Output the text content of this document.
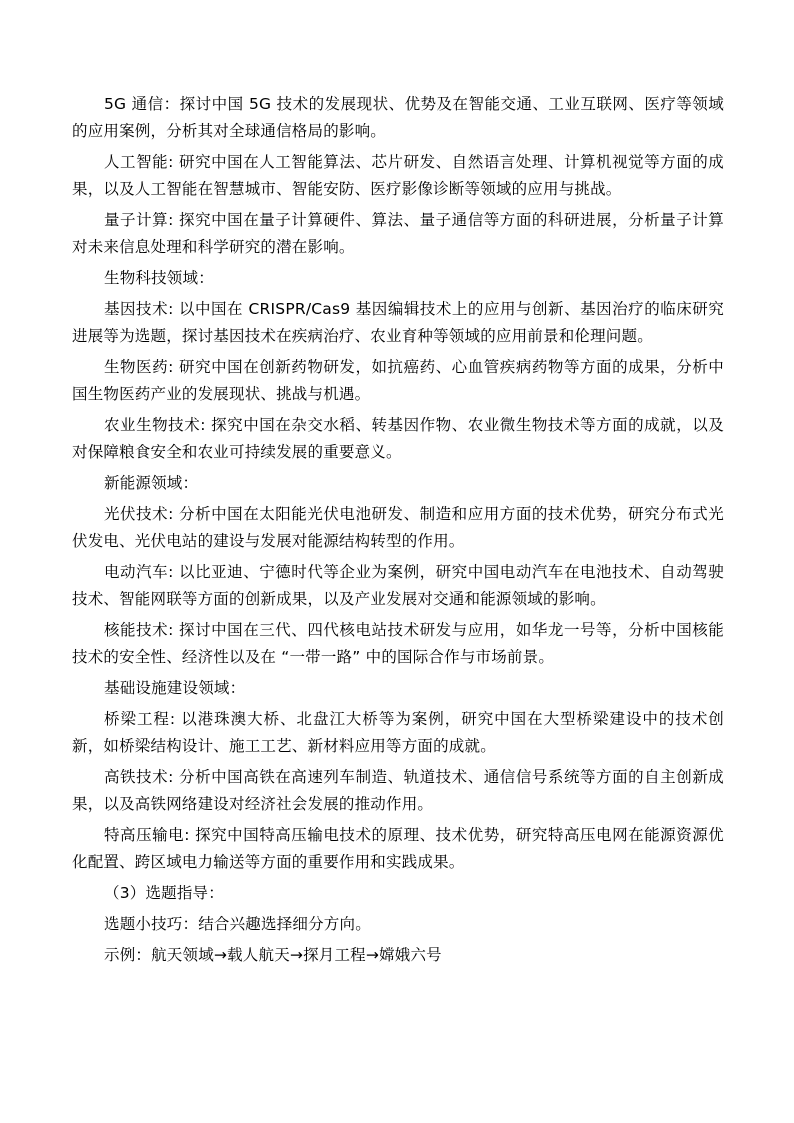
5G 通信：探讨中国 5G 技术的发展现状、优势及在智能交通、工业互联网、医疗等领域的应用案例，分析其对全球通信格局的影响。

人工智能: 研究中国在人工智能算法、芯片研发、自然语言处理、计算机视觉等方面的成果，以及人工智能在智慧城市、智能安防、医疗影像诊断等领域的应用与挑战。

量子计算: 探究中国在量子计算硬件、算法、量子通信等方面的科研进展，分析量子计算对未来信息处理和科学研究的潜在影响。

生物科技领域：

基因技术: 以中国在 CRISPR/Cas9 基因编辑技术上的应用与创新、基因治疗的临床研究进展等为选题，探讨基因技术在疾病治疗、农业育种等领域的应用前景和伦理问题。

生物医药: 研究中国在创新药物研发，如抗癌药、心血管疾病药物等方面的成果，分析中国生物医药产业的发展现状、挑战与机遇。

农业生物技术: 探究中国在杂交水稻、转基因作物、农业微生物技术等方面的成就，以及对保障粮食安全和农业可持续发展的重要意义。

新能源领域：

光伏技术: 分析中国在太阳能光伏电池研发、制造和应用方面的技术优势，研究分布式光伏发电、光伏电站的建设与发展对能源结构转型的作用。

电动汽车: 以比亚迪、宁德时代等企业为案例，研究中国电动汽车在电池技术、自动驾驶技术、智能网联等方面的创新成果，以及产业发展对交通和能源领域的影响。

核能技术: 探讨中国在三代、四代核电站技术研发与应用，如华龙一号等，分析中国核能技术的安全性、经济性以及在 “一带一路” 中的国际合作与市场前景。

基础设施建设领域：

桥梁工程: 以港珠澳大桥、北盘江大桥等为案例，研究中国在大型桥梁建设中的技术创新，如桥梁结构设计、施工工艺、新材料应用等方面的成就。

高铁技术: 分析中国高铁在高速列车制造、轨道技术、通信信号系统等方面的自主创新成果，以及高铁网络建设对经济社会发展的推动作用。

特高压输电: 探究中国特高压输电技术的原理、技术优势，研究特高压电网在能源资源优化配置、跨区域电力输送等方面的重要作用和实践成果。

（3）选题指导：

选题小技巧：结合兴趣选择细分方向。

示例：航天领域→载人航天→探月工程→嫦娥六号
